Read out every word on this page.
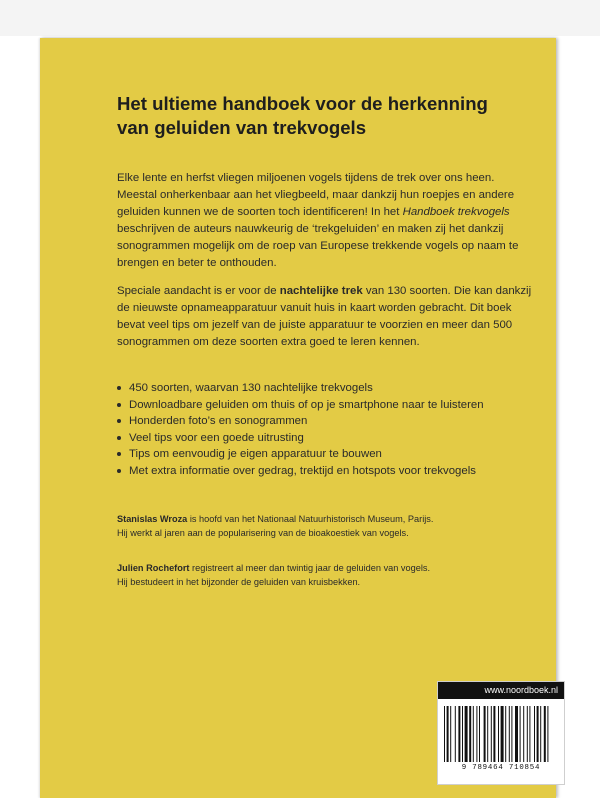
Het ultieme handboek voor de herkenning
van geluiden van trekvogels

Elke lente en herfst vliegen miljoenen vogels tijdens de trek over ons heen. Meestal onherkenbaar aan het vliegbeeld, maar dankzij hun roepjes en andere geluiden kunnen we de soorten toch identificeren! In het Handboek trekvogels beschrijven de auteurs nauwkeurig de ‘trekgeluiden’ en maken zij het dankzij sonogrammen mogelijk om de roep van Europese trekkende vogels op naam te brengen en beter te onthouden.

Speciale aandacht is er voor de nachtelijke trek van 130 soorten. Die kan dankzij de nieuwste opnameapparatuur vanuit huis in kaart worden gebracht. Dit boek bevat veel tips om jezelf van de juiste apparatuur te voorzien en meer dan 500 sonogrammen om deze soorten extra goed te leren kennen.

450 soorten, waarvan 130 nachtelijke trekvogels
Downloadbare geluiden om thuis of op je smartphone naar te luisteren
Honderden foto’s en sonogrammen
Veel tips voor een goede uitrusting
Tips om eenvoudig je eigen apparatuur te bouwen
Met extra informatie over gedrag, trektijd en hotspots voor trekvogels

Stanislas Wroza is hoofd van het Nationaal Natuurhistorisch Museum, Parijs.

Hij werkt al jaren aan de popularisering van de bioakoestiek van vogels.

Julien Rochefort registreert al meer dan twintig jaar de geluiden van vogels.

Hij bestudeert in het bijzonder de geluiden van kruisbekken.

www.noordboek.nl
9 789464 710854
